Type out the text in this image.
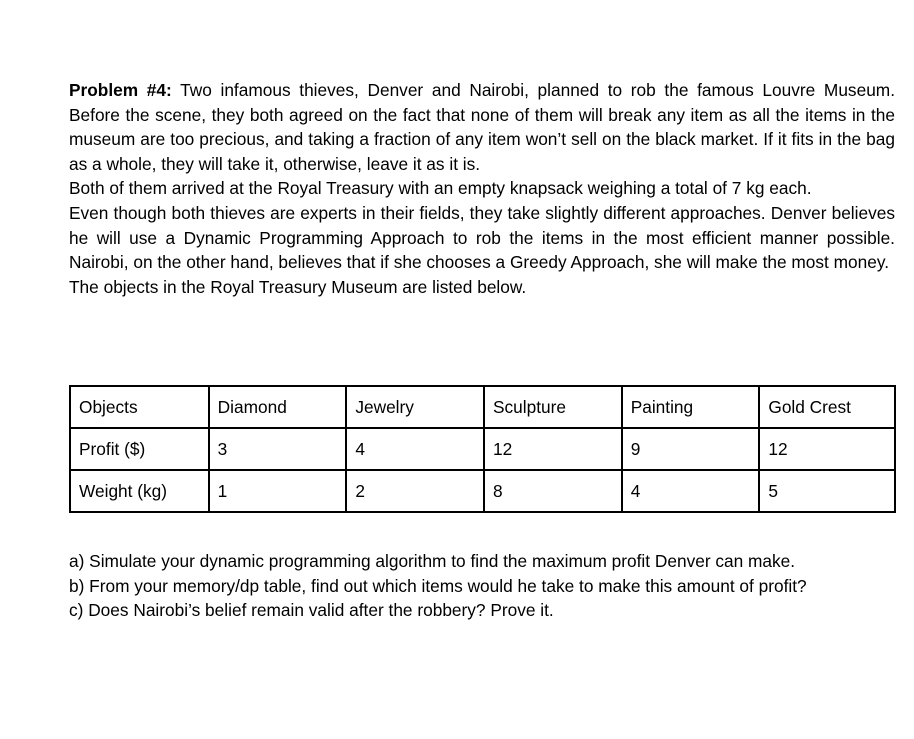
Problem #4: Two infamous thieves, Denver and Nairobi, planned to rob the famous Louvre Museum. Before the scene, they both agreed on the fact that none of them will break any item as all the items in the museum are too precious, and taking a fraction of any item won’t sell on the black market. If it fits in the bag as a whole, they will take it, otherwise, leave it as it is.

Both of them arrived at the Royal Treasury with an empty knapsack weighing a total of 7 kg each.

Even though both thieves are experts in their fields, they take slightly different approaches. Denver believes he will use a Dynamic Programming Approach to rob the items in the most efficient manner possible. Nairobi, on the other hand, believes that if she chooses a Greedy Approach, she will make the most money.

The objects in the Royal Treasury Museum are listed below.

Objects	Diamond	Jewelry	Sculpture	Painting	Gold Crest
Profit ($)	3	4	12	9	12
Weight (kg)	1	2	8	4	5

a) Simulate your dynamic programming algorithm to find the maximum profit Denver can make.

b) From your memory/dp table, find out which items would he take to make this amount of profit?

c) Does Nairobi’s belief remain valid after the robbery? Prove it.
